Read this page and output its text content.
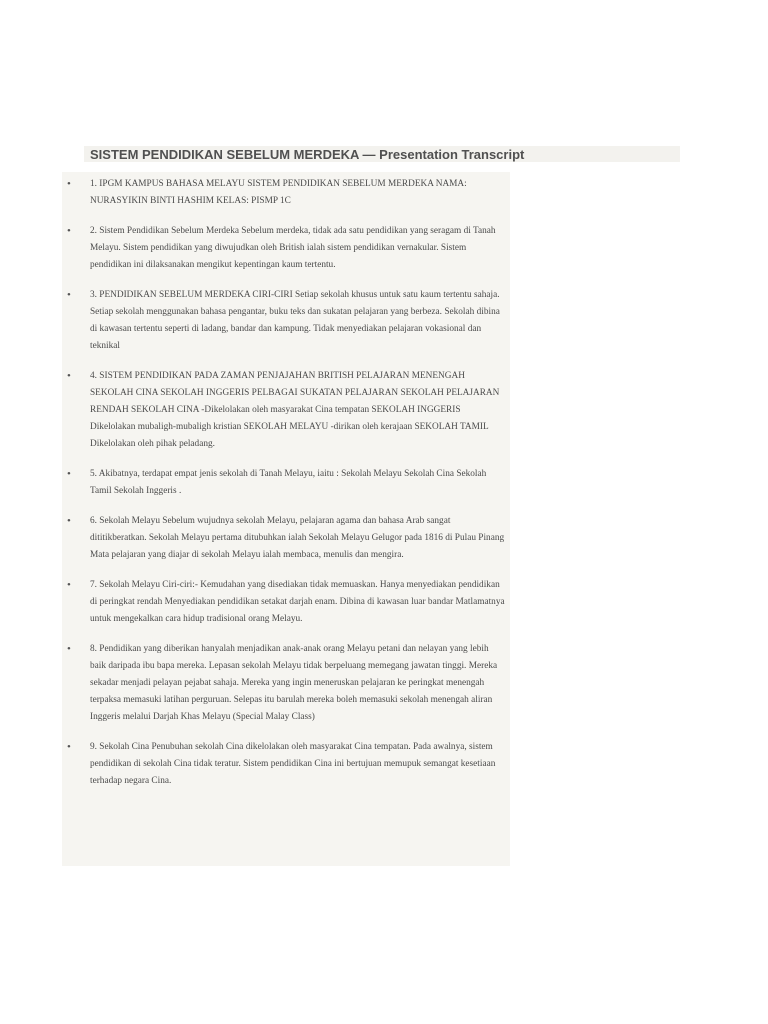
SISTEM PENDIDIKAN SEBELUM MERDEKA — Presentation Transcript
• 1. IPGM KAMPUS BAHASA MELAYU SISTEM PENDIDIKAN SEBELUM MERDEKA NAMA: NURASYIKIN BINTI HASHIM KELAS: PISMP 1C
• 2. Sistem Pendidikan Sebelum Merdeka Sebelum merdeka, tidak ada satu pendidikan yang seragam di Tanah Melayu. Sistem pendidikan yang diwujudkan oleh British ialah sistem pendidikan vernakular. Sistem pendidikan ini dilaksanakan mengikut kepentingan kaum tertentu.
• 3. PENDIDIKAN SEBELUM MERDEKA CIRI-CIRI Setiap sekolah khusus untuk satu kaum tertentu sahaja. Setiap sekolah menggunakan bahasa pengantar, buku teks dan sukatan pelajaran yang berbeza. Sekolah dibina di kawasan tertentu seperti di ladang, bandar dan kampung. Tidak menyediakan pelajaran vokasional dan teknikal
• 4. SISTEM PENDIDIKAN PADA ZAMAN PENJAJAHAN BRITISH PELAJARAN MENENGAH SEKOLAH CINA SEKOLAH INGGERIS PELBAGAI SUKATAN PELAJARAN SEKOLAH PELAJARAN RENDAH SEKOLAH CINA -Dikelolakan oleh masyarakat Cina tempatan SEKOLAH INGGERIS Dikelolakan mubaligh-mubaligh kristian SEKOLAH MELAYU -dirikan oleh kerajaan SEKOLAH TAMIL Dikelolakan oleh pihak peladang.
• 5. Akibatnya, terdapat empat jenis sekolah di Tanah Melayu, iaitu : Sekolah Melayu Sekolah Cina Sekolah Tamil Sekolah Inggeris .
• 6. Sekolah Melayu Sebelum wujudnya sekolah Melayu, pelajaran agama dan bahasa Arab sangat dititikberatkan. Sekolah Melayu pertama ditubuhkan ialah Sekolah Melayu Gelugor pada 1816 di Pulau Pinang Mata pelajaran yang diajar di sekolah Melayu ialah membaca, menulis dan mengira.
• 7. Sekolah Melayu Ciri-ciri:- Kemudahan yang disediakan tidak memuaskan. Hanya menyediakan pendidikan di peringkat rendah Menyediakan pendidikan setakat darjah enam. Dibina di kawasan luar bandar Matlamatnya untuk mengekalkan cara hidup tradisional orang Melayu.
• 8. Pendidikan yang diberikan hanyalah menjadikan anak-anak orang Melayu petani dan nelayan yang lebih baik daripada ibu bapa mereka. Lepasan sekolah Melayu tidak berpeluang memegang jawatan tinggi. Mereka sekadar menjadi pelayan pejabat sahaja. Mereka yang ingin meneruskan pelajaran ke peringkat menengah terpaksa memasuki latihan perguruan. Selepas itu barulah mereka boleh memasuki sekolah menengah aliran Inggeris melalui Darjah Khas Melayu (Special Malay Class)
• 9. Sekolah Cina Penubuhan sekolah Cina dikelolakan oleh masyarakat Cina tempatan. Pada awalnya, sistem pendidikan di sekolah Cina tidak teratur. Sistem pendidikan Cina ini bertujuan memupuk semangat kesetiaan terhadap negara Cina.
